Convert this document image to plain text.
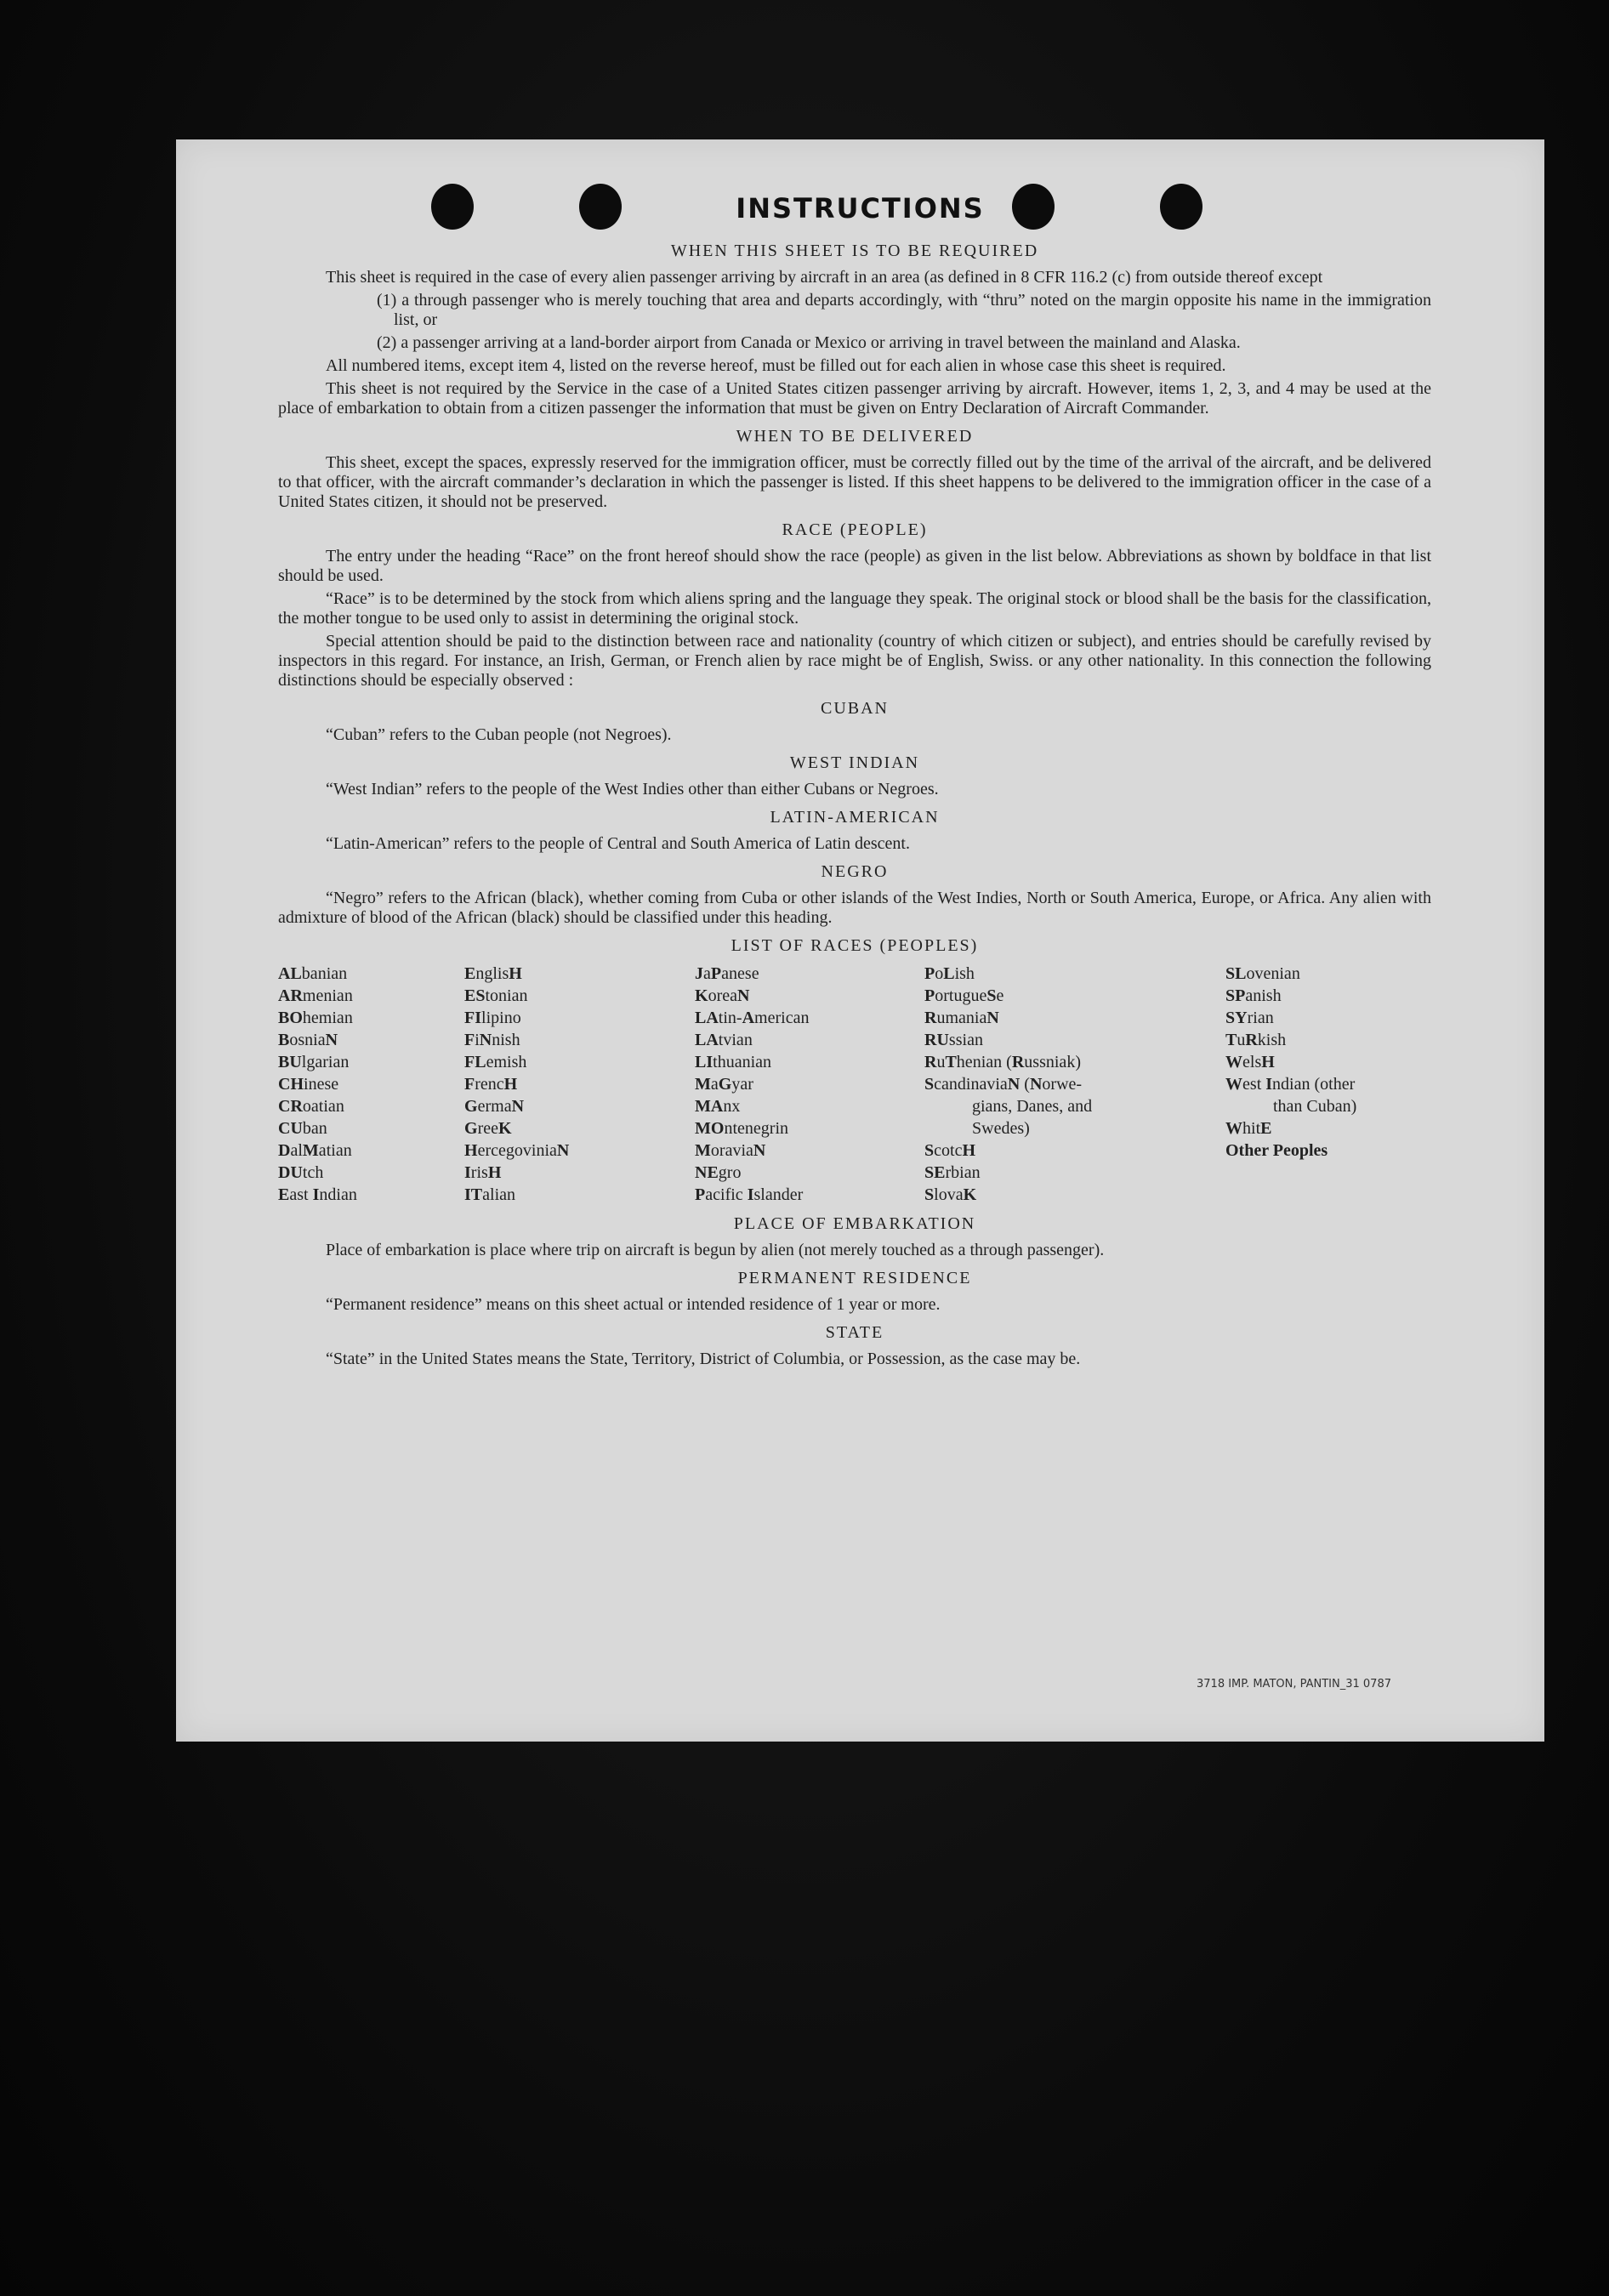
INSTRUCTIONS
WHEN THIS SHEET IS TO BE REQUIRED

This sheet is required in the case of every alien passenger arriving by aircraft in an area (as defined in 8 CFR 116.2 (c) from outside thereof except

(1) a through passenger who is merely touching that area and departs accordingly, with “thru” noted on the margin opposite his name in the immigration list, or

(2) a passenger arriving at a land-border airport from Canada or Mexico or arriving in travel between the mainland and Alaska.

All numbered items, except item 4, listed on the reverse hereof, must be filled out for each alien in whose case this sheet is required.

This sheet is not required by the Service in the case of a United States citizen passenger arriving by aircraft. However, items 1, 2, 3, and 4 may be used at the place of embarkation to obtain from a citizen passenger the information that must be given on Entry Declaration of Aircraft Commander.

WHEN TO BE DELIVERED

This sheet, except the spaces, expressly reserved for the immigration officer, must be correctly filled out by the time of the arrival of the aircraft, and be delivered to that officer, with the aircraft commander’s declaration in which the passenger is listed. If this sheet happens to be delivered to the immigration officer in the case of a United States citizen, it should not be preserved.

RACE (PEOPLE)

The entry under the heading “Race” on the front hereof should show the race (people) as given in the list below. Abbreviations as shown by boldface in that list should be used.

“Race” is to be determined by the stock from which aliens spring and the language they speak. The original stock or blood shall be the basis for the classification, the mother tongue to be used only to assist in determining the original stock.

Special attention should be paid to the distinction between race and nationality (country of which citizen or subject), and entries should be carefully revised by inspectors in this regard. For instance, an Irish, German, or French alien by race might be of English, Swiss. or any other nationality. In this connection the following distinctions should be especially observed :

CUBAN

“Cuban” refers to the Cuban people (not Negroes).

WEST INDIAN

“West Indian” refers to the people of the West Indies other than either Cubans or Negroes.

LATIN-AMERICAN

“Latin-American” refers to the people of Central and South America of Latin descent.

NEGRO

“Negro” refers to the African (black), whether coming from Cuba or other islands of the West Indies, North or South America, Europe, or Africa. Any alien with admixture of blood of the African (black) should be classified under this heading.

LIST OF RACES (PEOPLES)
ALbanian
ARmenian
BOhemian
BosniaN
BUlgarian
CHinese
CRoatian
CUban
DalMatian
DUtch
East Indian
EnglisH
EStonian
FIlipino
FiNnish
FLemish
FrencH
GermaN
GreeK
HercegoviniaN
IrisH
ITalian
JaPanese
KoreaN
LAtin-American
LAtvian
LIthuanian
MaGyar
MAnx
MOntenegrin
MoraviaN
NEgro
Pacific Islander
PoLish
PortugueSe
RumaniaN
RUssian
RuThenian (Russniak)
ScandinaviaN (Norwe-
gians, Danes, and
Swedes)
ScotcH
SErbian
SlovaK
SLovenian
SPanish
SYrian
TuRkish
WelsH
West Indian (other
than Cuban)
WhitE
Other Peoples
PLACE OF EMBARKATION

Place of embarkation is place where trip on aircraft is begun by alien (not merely touched as a through passenger).

PERMANENT RESIDENCE

“Permanent residence” means on this sheet actual or intended residence of 1 year or more.

STATE

“State” in the United States means the State, Territory, District of Columbia, or Possession, as the case may be.

3718 IMP. MATON, PANTIN_31 0787
